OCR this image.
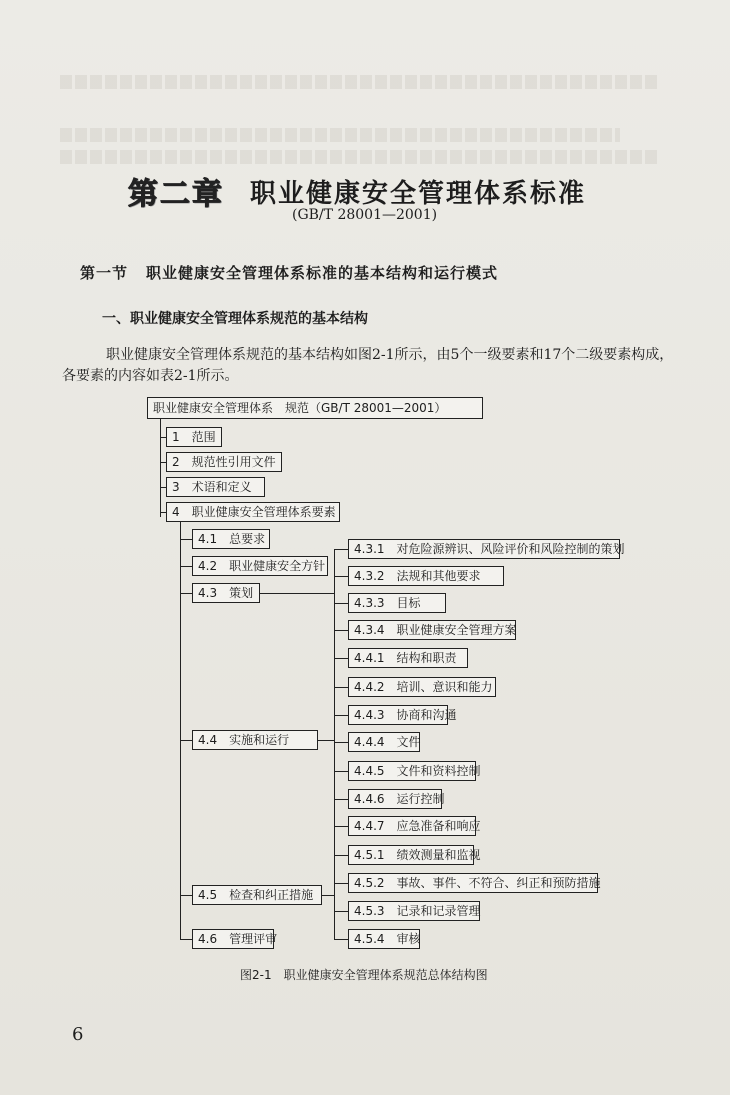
第二章 职业健康安全管理体系标准
(GB/T 28001—2001)
第一节 职业健康安全管理体系标准的基本结构和运行模式
一、职业健康安全管理体系规范的基本结构
职业健康安全管理体系规范的基本结构如图2-1所示，由5个一级要素和17个二级要素构成，各要素的内容如表2-1所示。
职业健康安全管理体系　规范（GB/T 28001—2001）
1　范围
2　规范性引用文件
3　术语和定义
4　职业健康安全管理体系要素
4.1　总要求
4.2　职业健康安全方针
4.3　策划
4.4　实施和运行
4.5　检查和纠正措施
4.6　管理评审
4.3.1　对危险源辨识、风险评价和风险控制的策划
4.3.2　法规和其他要求
4.3.3　目标
4.3.4　职业健康安全管理方案
4.4.1　结构和职责
4.4.2　培训、意识和能力
4.4.3　协商和沟通
4.4.4　文件
4.4.5　文件和资料控制
4.4.6　运行控制
4.4.7　应急准备和响应
4.5.1　绩效测量和监视
4.5.2　事故、事件、不符合、纠正和预防措施
4.5.3　记录和记录管理
4.5.4　审核
图2-1　职业健康安全管理体系规范总体结构图
6
